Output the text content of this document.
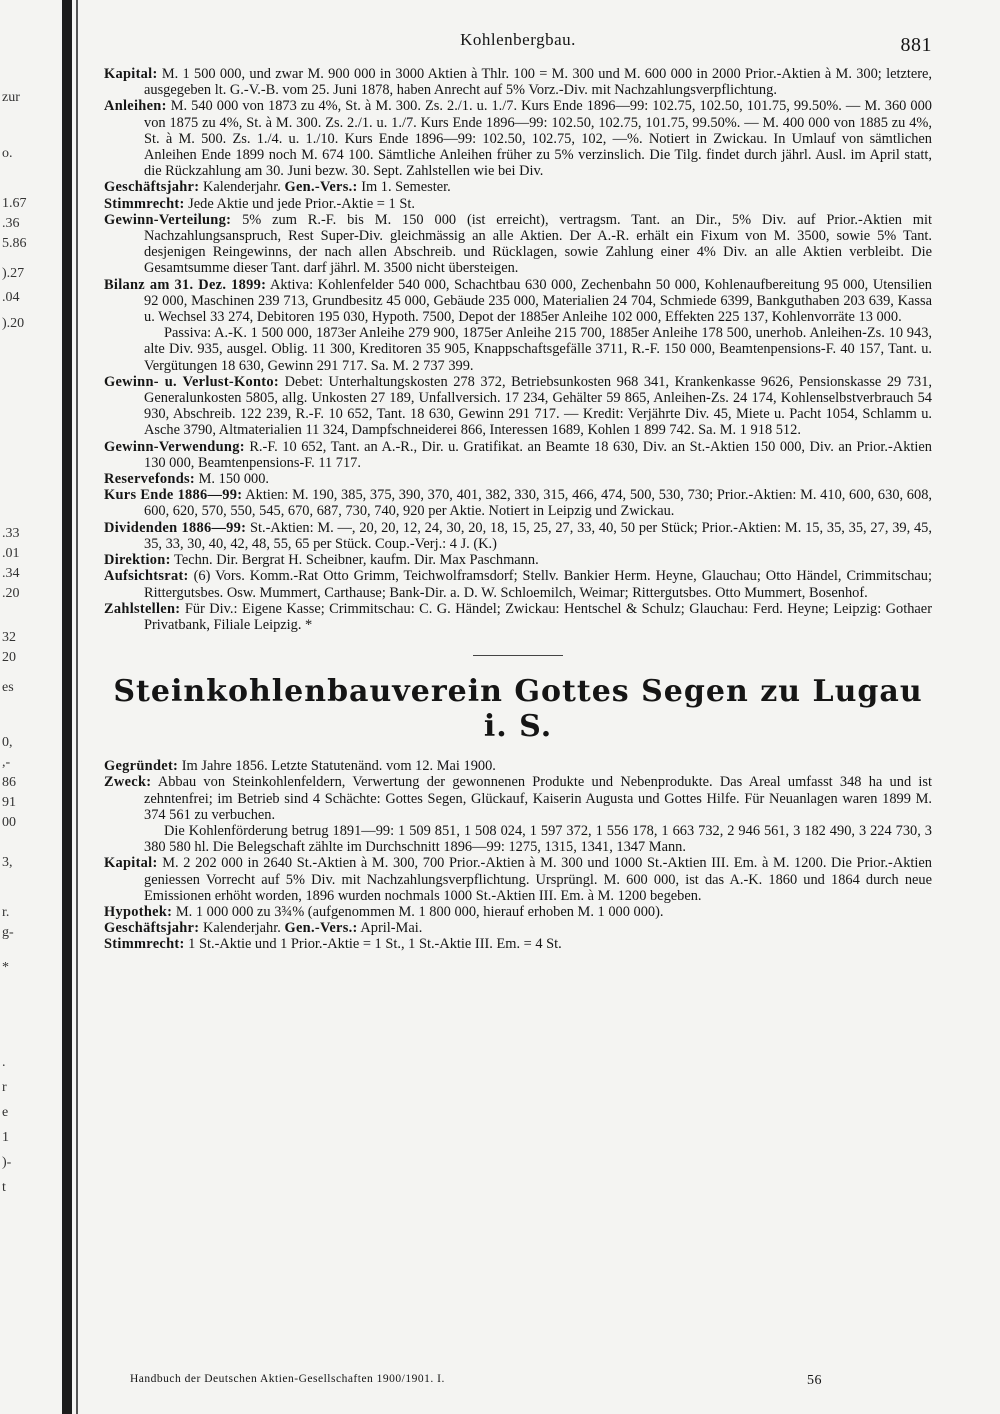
zur
o.
1.67
.36
5.86
).27
.04
).20
.33
.01
.34
.20
32
20
es
0,
,-
86
91
00
3,
r.
g-
*
.
r
e
1
)-
t
Kohlenbergbau.	881

Kapital: M. 1 500 000, und zwar M. 900 000 in 3000 Aktien à Thlr. 100 = M. 300 und M. 600 000 in 2000 Prior.-Aktien à M. 300; letztere, ausgegeben lt. G.-V.-B. vom 25. Juni 1878, haben Anrecht auf 5% Vorz.-Div. mit Nachzahlungsverpflichtung.

Anleihen: M. 540 000 von 1873 zu 4%, St. à M. 300. Zs. 2./1. u. 1./7. Kurs Ende 1896—99: 102.75, 102.50, 101.75, 99.50%. — M. 360 000 von 1875 zu 4%, St. à M. 300. Zs. 2./1. u. 1./7. Kurs Ende 1896—99: 102.50, 102.75, 101.75, 99.50%. — M. 400 000 von 1885 zu 4%, St. à M. 500. Zs. 1./4. u. 1./10. Kurs Ende 1896—99: 102.50, 102.75, 102, —%. Notiert in Zwickau. In Umlauf von sämtlichen Anleihen Ende 1899 noch M. 674 100. Sämtliche Anleihen früher zu 5% verzinslich. Die Tilg. findet durch jährl. Ausl. im April statt, die Rückzahlung am 30. Juni bezw. 30. Sept. Zahlstellen wie bei Div.

Geschäftsjahr: Kalenderjahr. Gen.-Vers.: Im 1. Semester.

Stimmrecht: Jede Aktie und jede Prior.-Aktie = 1 St.

Gewinn-Verteilung: 5% zum R.-F. bis M. 150 000 (ist erreicht), vertragsm. Tant. an Dir., 5% Div. auf Prior.-Aktien mit Nachzahlungsanspruch, Rest Super-Div. gleichmässig an alle Aktien. Der A.-R. erhält ein Fixum von M. 3500, sowie 5% Tant. desjenigen Reingewinns, der nach allen Abschreib. und Rücklagen, sowie Zahlung einer 4% Div. an alle Aktien verbleibt. Die Gesamtsumme dieser Tant. darf jährl. M. 3500 nicht übersteigen.

Bilanz am 31. Dez. 1899: Aktiva: Kohlenfelder 540 000, Schachtbau 630 000, Zechenbahn 50 000, Kohlenaufbereitung 95 000, Utensilien 92 000, Maschinen 239 713, Grundbesitz 45 000, Gebäude 235 000, Materialien 24 704, Schmiede 6399, Bankguthaben 203 639, Kassa u. Wechsel 33 274, Debitoren 195 030, Hypoth. 7500, Depot der 1885er Anleihe 102 000, Effekten 225 137, Kohlenvorräte 13 000.

Passiva: A.-K. 1 500 000, 1873er Anleihe 279 900, 1875er Anleihe 215 700, 1885er Anleihe 178 500, unerhob. Anleihen-Zs. 10 943, alte Div. 935, ausgel. Oblig. 11 300, Kreditoren 35 905, Knappschaftsgefälle 3711, R.-F. 150 000, Beamtenpensions-F. 40 157, Tant. u. Vergütungen 18 630, Gewinn 291 717. Sa. M. 2 737 399.

Gewinn- u. Verlust-Konto: Debet: Unterhaltungskosten 278 372, Betriebsunkosten 968 341, Krankenkasse 9626, Pensionskasse 29 731, Generalunkosten 5805, allg. Unkosten 27 189, Unfallversich. 17 234, Gehälter 59 865, Anleihen-Zs. 24 174, Kohlenselbstverbrauch 54 930, Abschreib. 122 239, R.-F. 10 652, Tant. 18 630, Gewinn 291 717. — Kredit: Verjährte Div. 45, Miete u. Pacht 1054, Schlamm u. Asche 3790, Altmaterialien 11 324, Dampfschneiderei 866, Interessen 1689, Kohlen 1 899 742. Sa. M. 1 918 512.

Gewinn-Verwendung: R.-F. 10 652, Tant. an A.-R., Dir. u. Gratifikat. an Beamte 18 630, Div. an St.-Aktien 150 000, Div. an Prior.-Aktien 130 000, Beamtenpensions-F. 11 717.

Reservefonds: M. 150 000.

Kurs Ende 1886—99: Aktien: M. 190, 385, 375, 390, 370, 401, 382, 330, 315, 466, 474, 500, 530, 730; Prior.-Aktien: M. 410, 600, 630, 608, 600, 620, 570, 550, 545, 670, 687, 730, 740, 920 per Aktie. Notiert in Leipzig und Zwickau.

Dividenden 1886—99: St.-Aktien: M. —, 20, 20, 12, 24, 30, 20, 18, 15, 25, 27, 33, 40, 50 per Stück; Prior.-Aktien: M. 15, 35, 35, 27, 39, 45, 35, 33, 30, 40, 42, 48, 55, 65 per Stück. Coup.-Verj.: 4 J. (K.)

Direktion: Techn. Dir. Bergrat H. Scheibner, kaufm. Dir. Max Paschmann.

Aufsichtsrat: (6) Vors. Komm.-Rat Otto Grimm, Teichwolframsdorf; Stellv. Bankier Herm. Heyne, Glauchau; Otto Händel, Crimmitschau; Rittergutsbes. Osw. Mummert, Carthause; Bank-Dir. a. D. W. Schloemilch, Weimar; Rittergutsbes. Otto Mummert, Bosenhof.

Zahlstellen: Für Div.: Eigene Kasse; Crimmitschau: C. G. Händel; Zwickau: Hentschel & Schulz; Glauchau: Ferd. Heyne; Leipzig: Gothaer Privatbank, Filiale Leipzig. *

Steinkohlenbauverein Gottes Segen zu Lugau i. S.

Gegründet: Im Jahre 1856. Letzte Statutenänd. vom 12. Mai 1900.

Zweck: Abbau von Steinkohlenfeldern, Verwertung der gewonnenen Produkte und Nebenprodukte. Das Areal umfasst 348 ha und ist zehntenfrei; im Betrieb sind 4 Schächte: Gottes Segen, Glückauf, Kaiserin Augusta und Gottes Hilfe. Für Neuanlagen waren 1899 M. 374 561 zu verbuchen.

Die Kohlenförderung betrug 1891—99: 1 509 851, 1 508 024, 1 597 372, 1 556 178, 1 663 732, 2 946 561, 3 182 490, 3 224 730, 3 380 580 hl. Die Belegschaft zählte im Durchschnitt 1896—99: 1275, 1315, 1341, 1347 Mann.

Kapital: M. 2 202 000 in 2640 St.-Aktien à M. 300, 700 Prior.-Aktien à M. 300 und 1000 St.-Aktien III. Em. à M. 1200. Die Prior.-Aktien geniessen Vorrecht auf 5% Div. mit Nachzahlungsverpflichtung. Ursprüngl. M. 600 000, ist das A.-K. 1860 und 1864 durch neue Emissionen erhöht worden, 1896 wurden nochmals 1000 St.-Aktien III. Em. à M. 1200 begeben.

Hypothek: M. 1 000 000 zu 3¾% (aufgenommen M. 1 800 000, hierauf erhoben M. 1 000 000).

Geschäftsjahr: Kalenderjahr. Gen.-Vers.: April-Mai.

Stimmrecht: 1 St.-Aktie und 1 Prior.-Aktie = 1 St., 1 St.-Aktie III. Em. = 4 St.

Handbuch der Deutschen Aktien-Gesellschaften 1900/1901. I.	56
